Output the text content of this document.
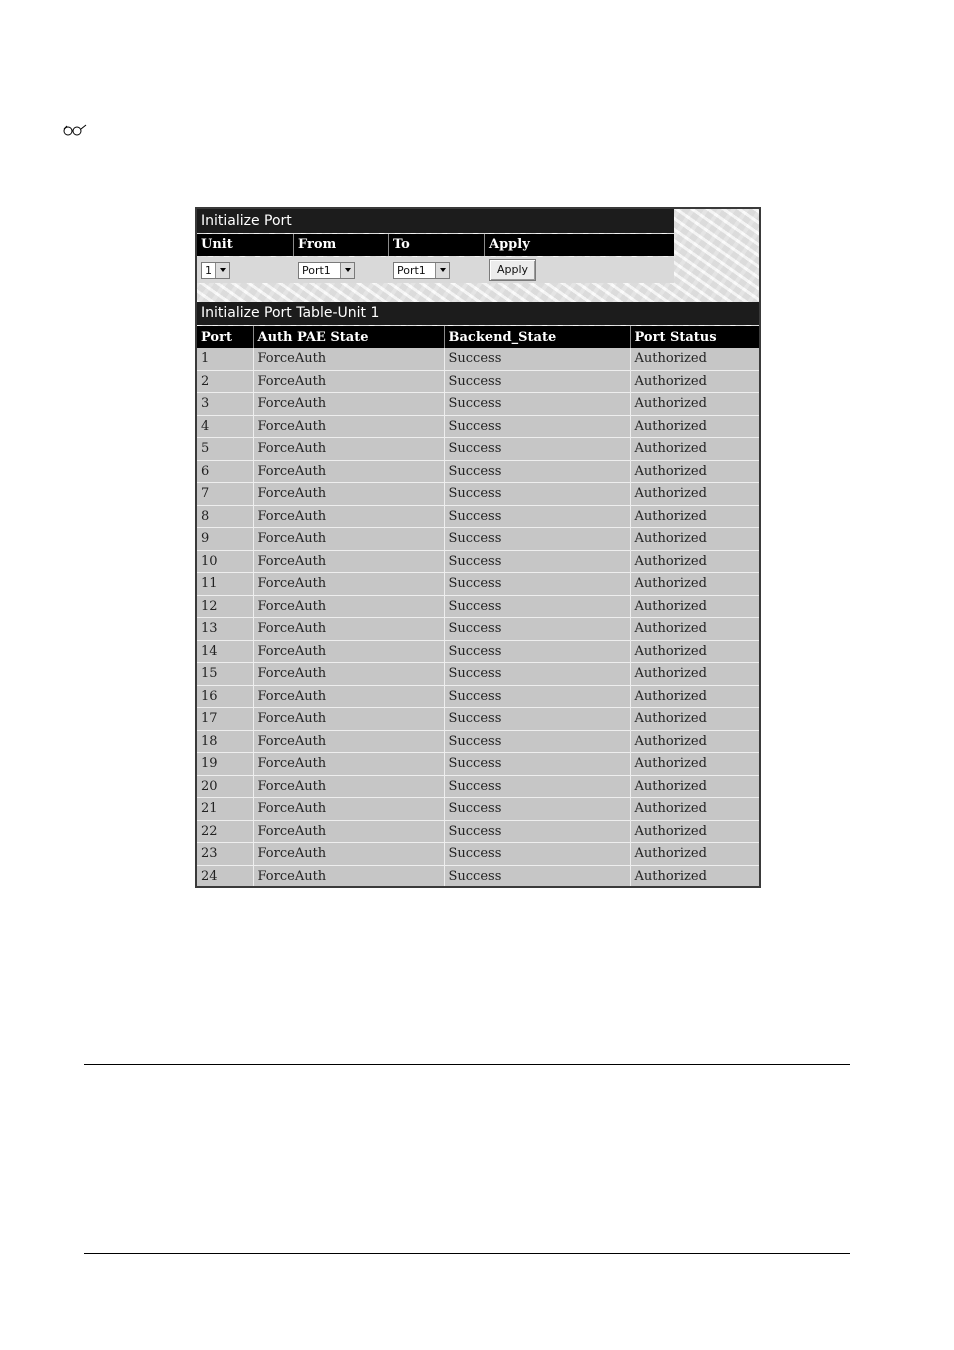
Initialize Port
Unit	From	To	Apply
1	Port1	Port1	Apply
Initialize Port Table-Unit 1
Port	Auth PAE State	Backend_State	Port Status
1	ForceAuth	Success	Authorized
2	ForceAuth	Success	Authorized
3	ForceAuth	Success	Authorized
4	ForceAuth	Success	Authorized
5	ForceAuth	Success	Authorized
6	ForceAuth	Success	Authorized
7	ForceAuth	Success	Authorized
8	ForceAuth	Success	Authorized
9	ForceAuth	Success	Authorized
10	ForceAuth	Success	Authorized
11	ForceAuth	Success	Authorized
12	ForceAuth	Success	Authorized
13	ForceAuth	Success	Authorized
14	ForceAuth	Success	Authorized
15	ForceAuth	Success	Authorized
16	ForceAuth	Success	Authorized
17	ForceAuth	Success	Authorized
18	ForceAuth	Success	Authorized
19	ForceAuth	Success	Authorized
20	ForceAuth	Success	Authorized
21	ForceAuth	Success	Authorized
22	ForceAuth	Success	Authorized
23	ForceAuth	Success	Authorized
24	ForceAuth	Success	Authorized
